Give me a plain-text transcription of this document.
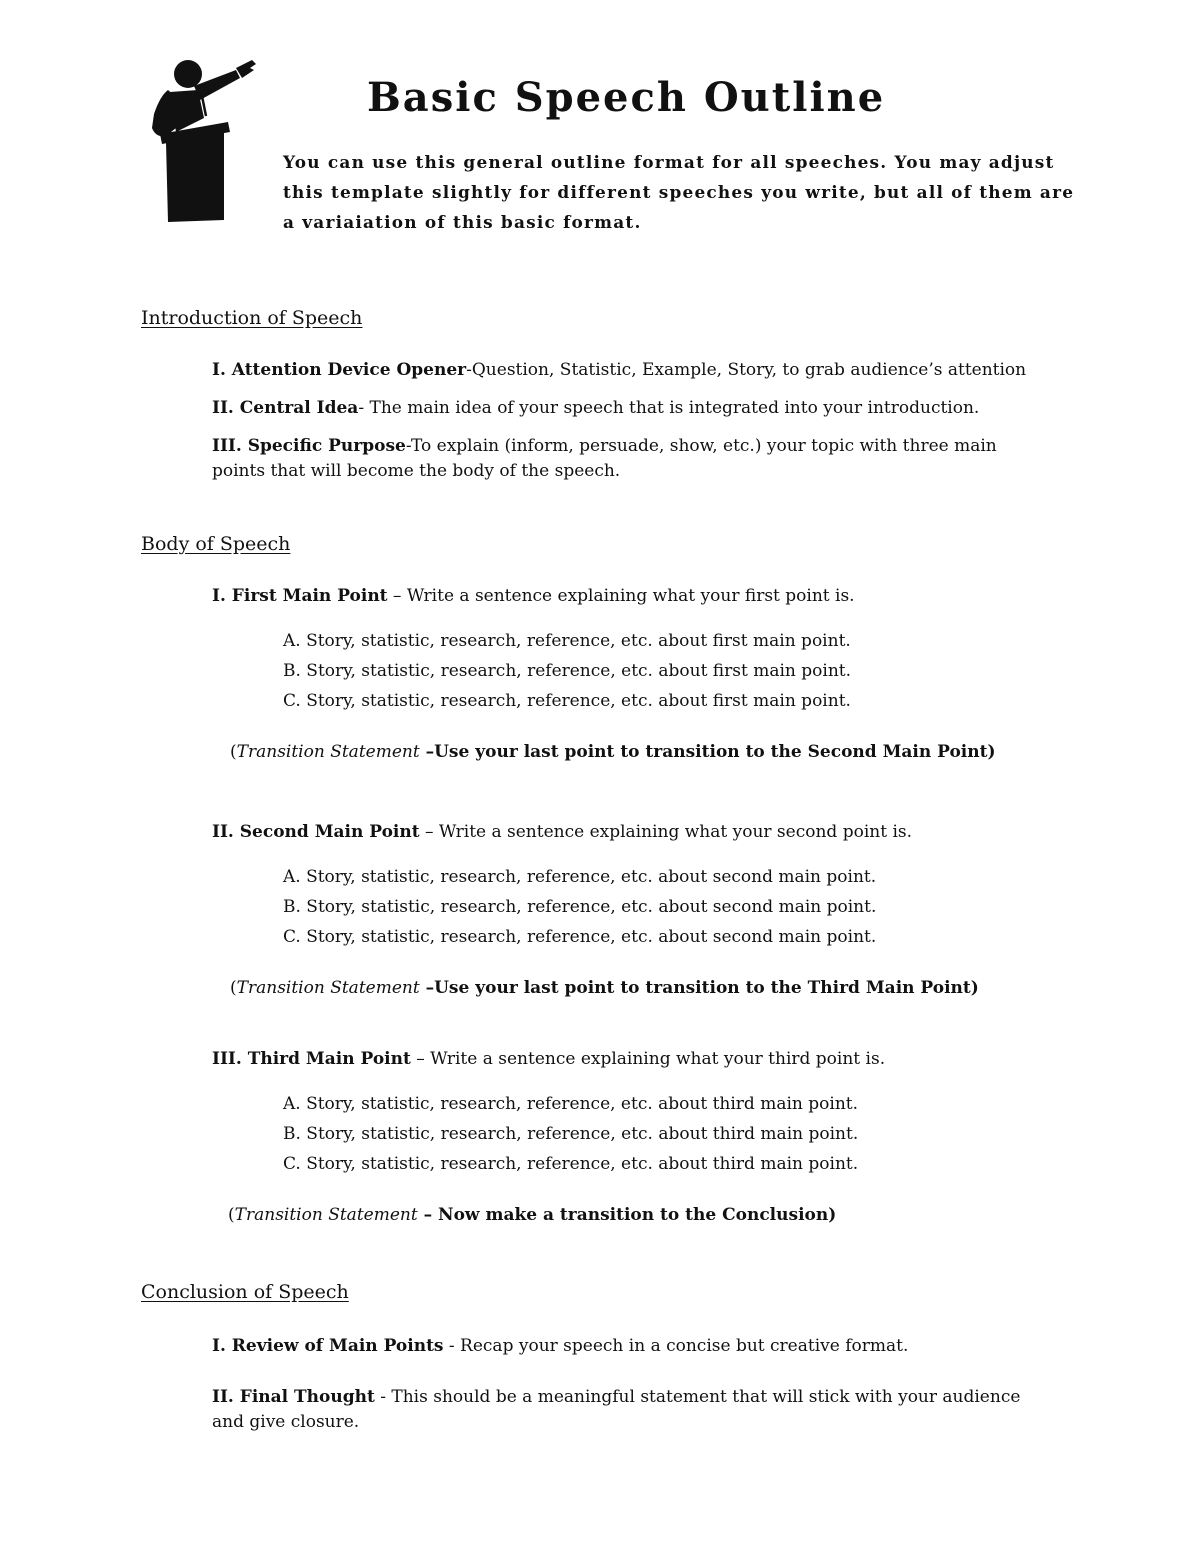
Basic Speech Outline
You can use this general outline format for all speeches. You may adjust this template slightly for different speeches you write, but all of them are a variaiation of this basic format.
Introduction of Speech
I. Attention Device Opener-Question, Statistic, Example, Story, to grab audience’s attention
II. Central Idea- The main idea of your speech that is integrated into your introduction.
III. Specific Purpose-To explain (inform, persuade, show, etc.) your topic with three main
points that will become the body of the speech.
Body of Speech
I. First Main Point – Write a sentence explaining what your first point is.
A. Story, statistic, research, reference, etc. about first main point.
B. Story, statistic, research, reference, etc. about first main point.
C. Story, statistic, research, reference, etc. about first main point.
(Transition Statement –Use your last point to transition to the Second Main Point)
II. Second Main Point – Write a sentence explaining what your second point is.
A. Story, statistic, research, reference, etc. about second main point.
B. Story, statistic, research, reference, etc. about second main point.
C. Story, statistic, research, reference, etc. about second main point.
(Transition Statement –Use your last point to transition to the Third Main Point)
III. Third Main Point – Write a sentence explaining what your third point is.
A. Story, statistic, research, reference, etc. about third main point.
B. Story, statistic, research, reference, etc. about third main point.
C. Story, statistic, research, reference, etc. about third main point.
(Transition Statement – Now make a transition to the Conclusion)
Conclusion of Speech
I. Review of Main Points - Recap your speech in a concise but creative format.
II. Final Thought - This should be a meaningful statement that will stick with your audience
and give closure.
